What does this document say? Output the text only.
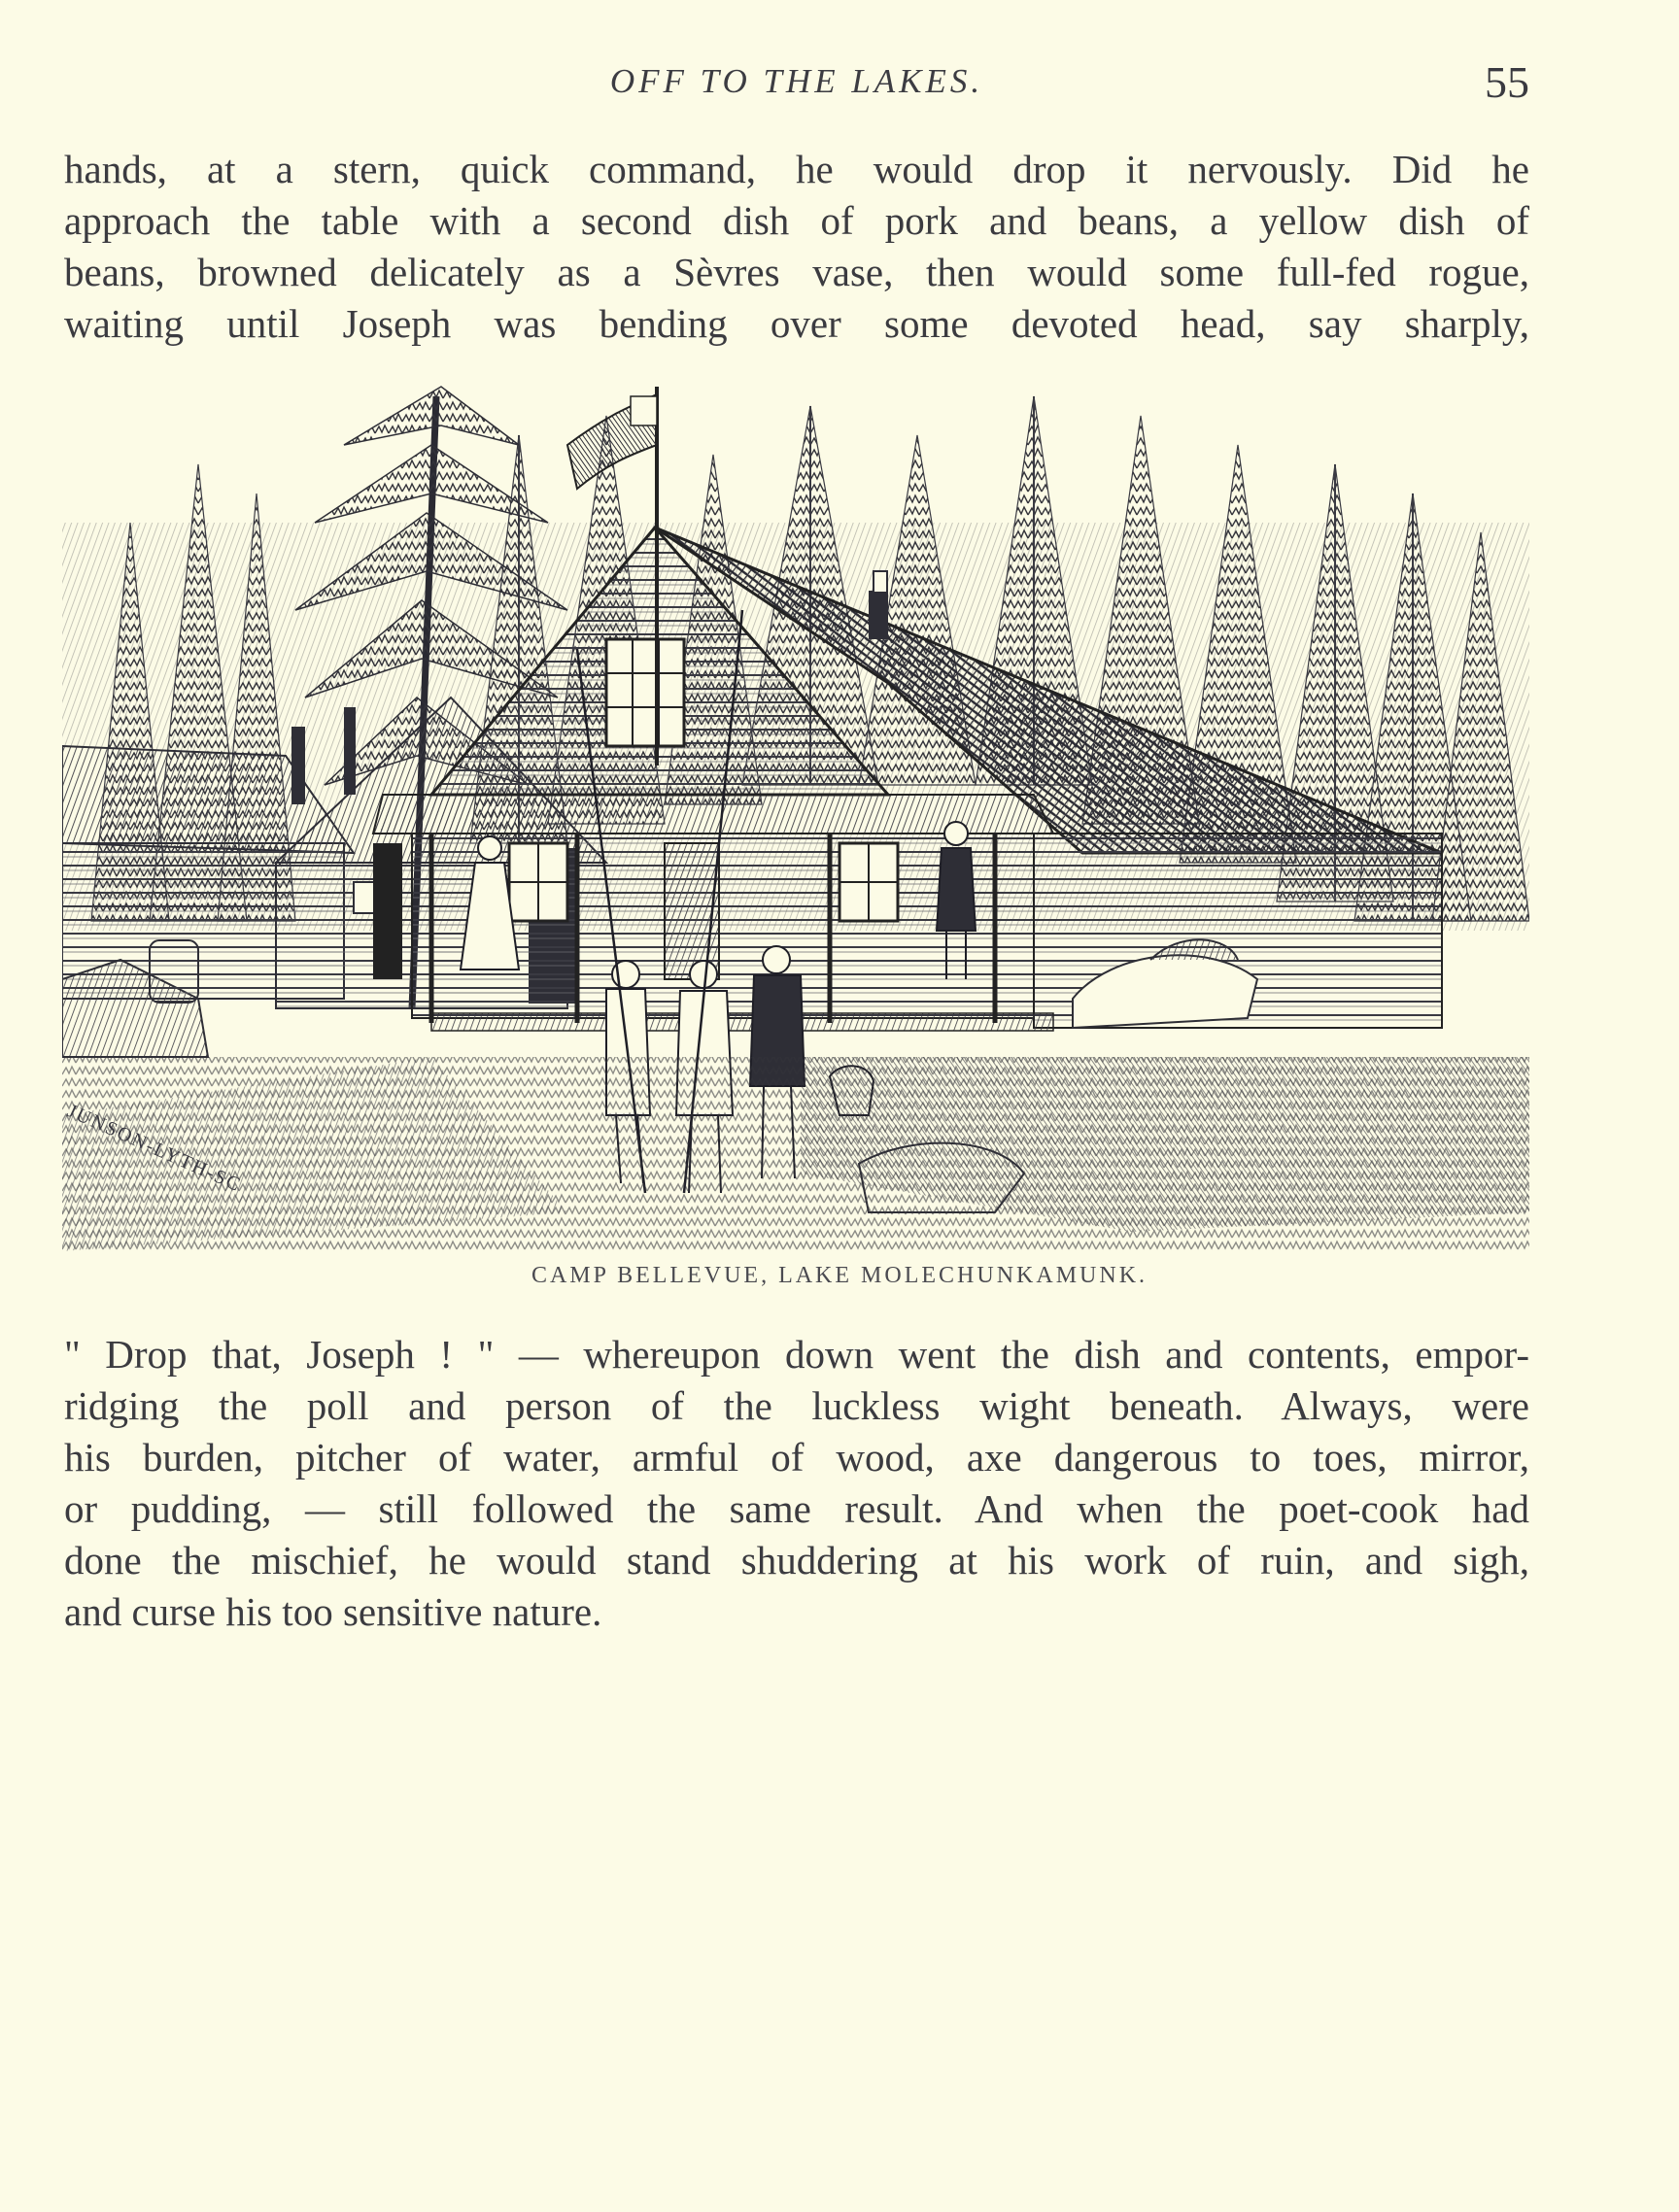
OFF TO THE LAKES.	55
hands, at a stern, quick command, he would drop it nervously. Did he
approach the table with a second dish of pork and beans, a yellow dish of
beans, browned delicately as a Sèvres vase, then would some full-fed rogue,
waiting until Joseph was bending over some devoted head, say sharply,
JUNSON-LYTH-SC
CAMP BELLEVUE, LAKE MOLECHUNKAMUNK.
" Drop that, Joseph ! " — whereupon down went the dish and contents, empor-
ridging the poll and person of the luckless wight beneath. Always, were
his burden, pitcher of water, armful of wood, axe dangerous to toes, mirror,
or pudding, — still followed the same result. And when the poet-cook had
done the mischief, he would stand shuddering at his work of ruin, and sigh,
and curse his too sensitive nature.
